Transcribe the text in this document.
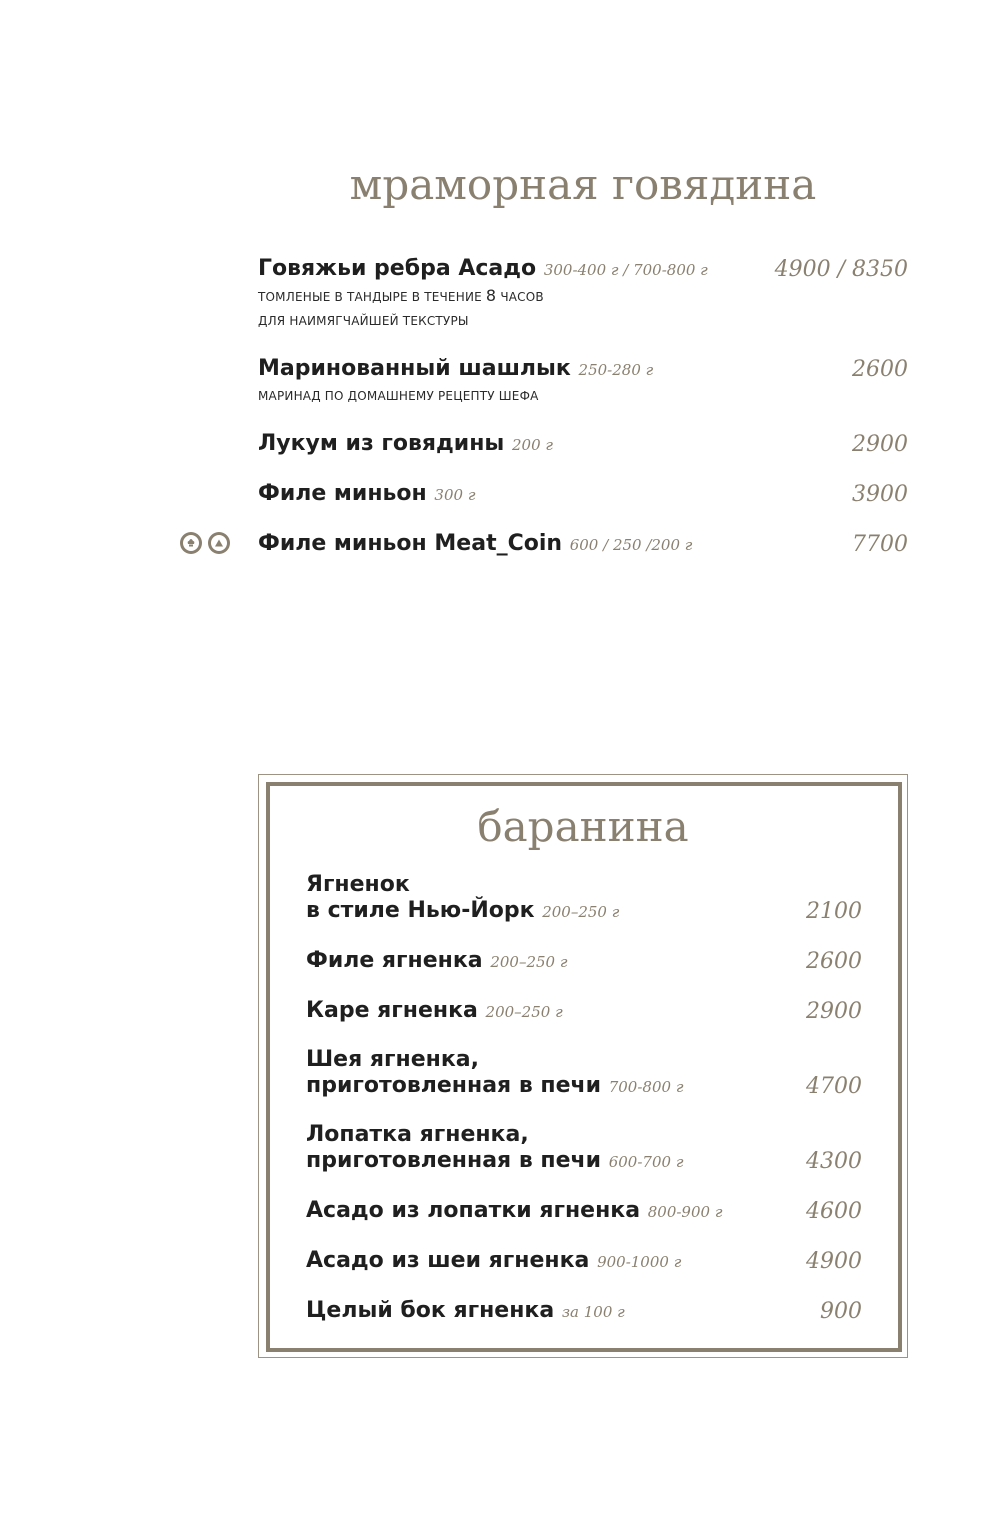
мраморная говядина
Говяжьи ребра Асадо 300-400 г / 700-800 г	4900 / 8350
ТОМЛЕНЫЕ В ТАНДЫРЕ В ТЕЧЕНИЕ 8 ЧАСОВ
ДЛЯ НАИМЯГЧАЙШЕЙ ТЕКСТУРЫ
Маринованный шашлык 250-280 г	2600
МАРИНАД ПО ДОМАШНЕМУ РЕЦЕПТУ ШЕФА
Лукум из говядины 200 г	2900
Филе миньон 300 г	3900
Филе миньон Meat_Coin 600 / 250 /200 г	7700
баранина
Ягненок
в стиле Нью-Йорк 200–250 г	2100
Филе ягненка 200–250 г	2600
Каре ягненка 200–250 г	2900
Шея ягненка,
приготовленная в печи 700-800 г	4700
Лопатка ягненка,
приготовленная в печи 600-700 г	4300
Асадо из лопатки ягненка 800-900 г	4600
Асадо из шеи ягненка 900-1000 г	4900
Целый бок ягненка за 100 г	900
